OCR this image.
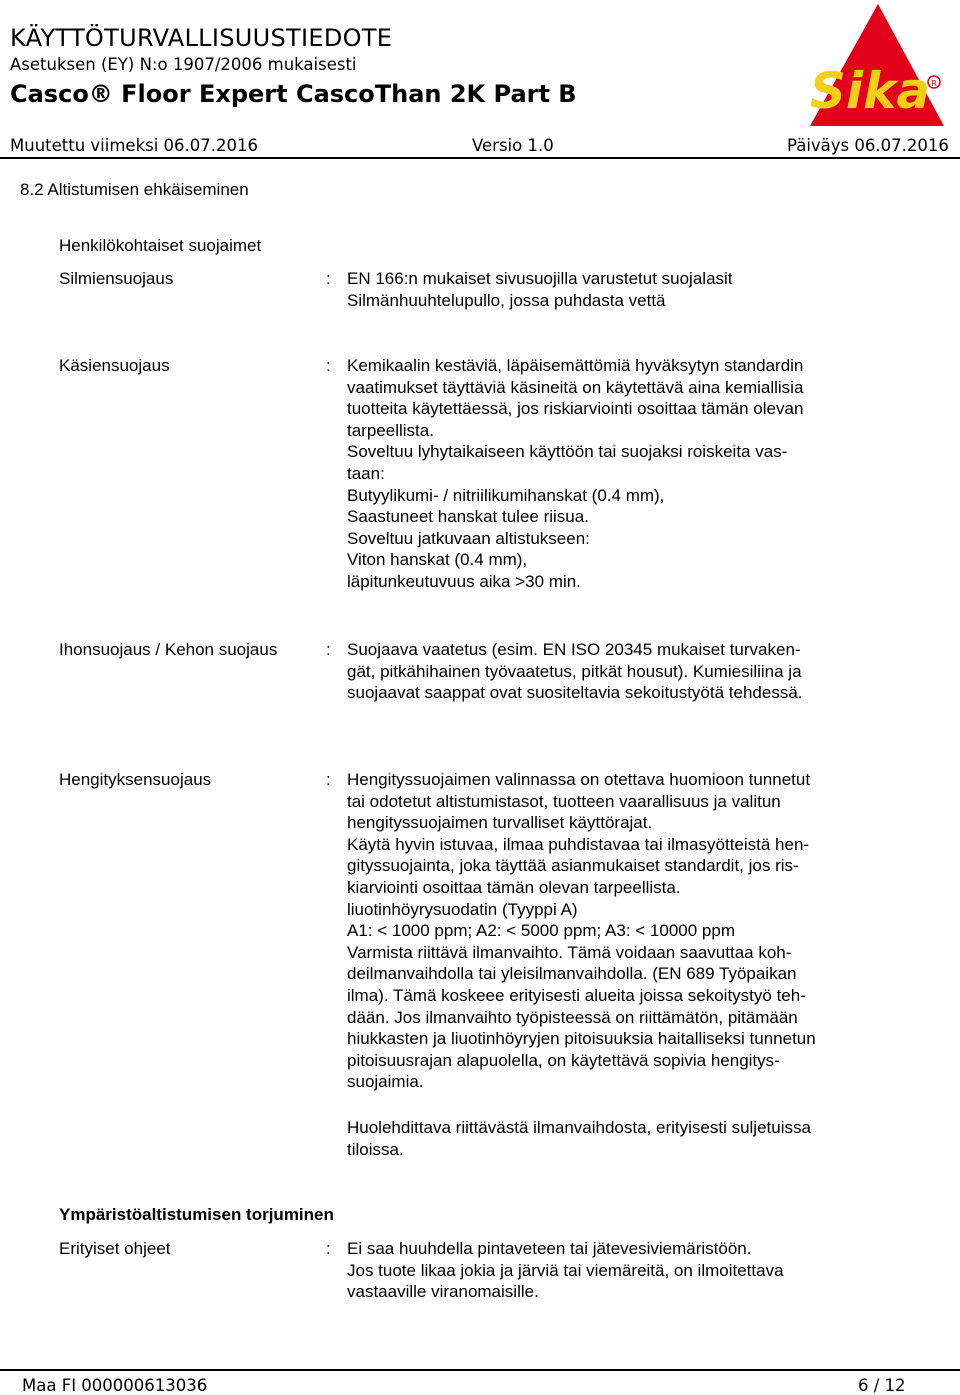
KÄYTTÖTURVALLISUUSTIEDOTE
Asetuksen (EY) N:o 1907/2006 mukaisesti
Casco® Floor Expert CascoThan 2K Part B	Sika R
Muutettu viimeksi 06.07.2016	Versio 1.0	Päiväys 06.07.2016
8.2 Altistumisen ehkäiseminen
Henkilökohtaiset suojaimet
Silmiensuojaus	: EN 166:n mukaiset sivusuojilla varustetut suojalasit
Silmänhuuhtelupullo, jossa puhdasta vettä
Käsiensuojaus	: Kemikaalin kestäviä, läpäisemättömiä hyväksytyn standardin
vaatimukset täyttäviä käsineitä on käytettävä aina kemiallisia
tuotteita käytettäessä, jos riskiarviointi osoittaa tämän olevan
tarpeellista.
Soveltuu lyhytaikaiseen käyttöön tai suojaksi roiskeita vas-
taan:
Butyylikumi- / nitriilikumihanskat (0.4 mm),
Saastuneet hanskat tulee riisua.
Soveltuu jatkuvaan altistukseen:
Viton hanskat (0.4 mm),
läpitunkeutuvuus aika >30 min.
Ihonsuojaus / Kehon suojaus	: Suojaava vaatetus (esim. EN ISO 20345 mukaiset turvaken-
gät, pitkähihainen työvaatetus, pitkät housut). Kumiesiliina ja
suojaavat saappat ovat suositeltavia sekoitustyötä tehdessä.
Hengityksensuojaus	: Hengityssuojaimen valinnassa on otettava huomioon tunnetut
tai odotetut altistumistasot, tuotteen vaarallisuus ja valitun
hengityssuojaimen turvalliset käyttörajat.
Käytä hyvin istuvaa, ilmaa puhdistavaa tai ilmasyötteistä hen-
gityssuojainta, joka täyttää asianmukaiset standardit, jos ris-
kiarviointi osoittaa tämän olevan tarpeellista.
liuotinhöyrysuodatin (Tyyppi A)
A1: < 1000 ppm; A2: < 5000 ppm; A3: < 10000 ppm
Varmista riittävä ilmanvaihto. Tämä voidaan saavuttaa koh-
deilmanvaihdolla tai yleisilmanvaihdolla. (EN 689 Työpaikan
ilma). Tämä koskeee erityisesti alueita joissa sekoitystyö teh-
dään. Jos ilmanvaihto työpisteessä on riittämätön, pitämään
hiukkasten ja liuotinhöyryjen pitoisuuksia haitalliseksi tunnetun
pitoisuusrajan alapuolella, on käytettävä sopivia hengitys-
suojaimia.
Huolehdittava riittävästä ilmanvaihdosta, erityisesti suljetuissa
tiloissa.
Ympäristöaltistumisen torjuminen
Erityiset ohjeet	: Ei saa huuhdella pintaveteen tai jätevesiviemäristöön.
Jos tuote likaa jokia ja järviä tai viemäreitä, on ilmoitettava
vastaaville viranomaisille.
Maa FI 000000613036	6 / 12
